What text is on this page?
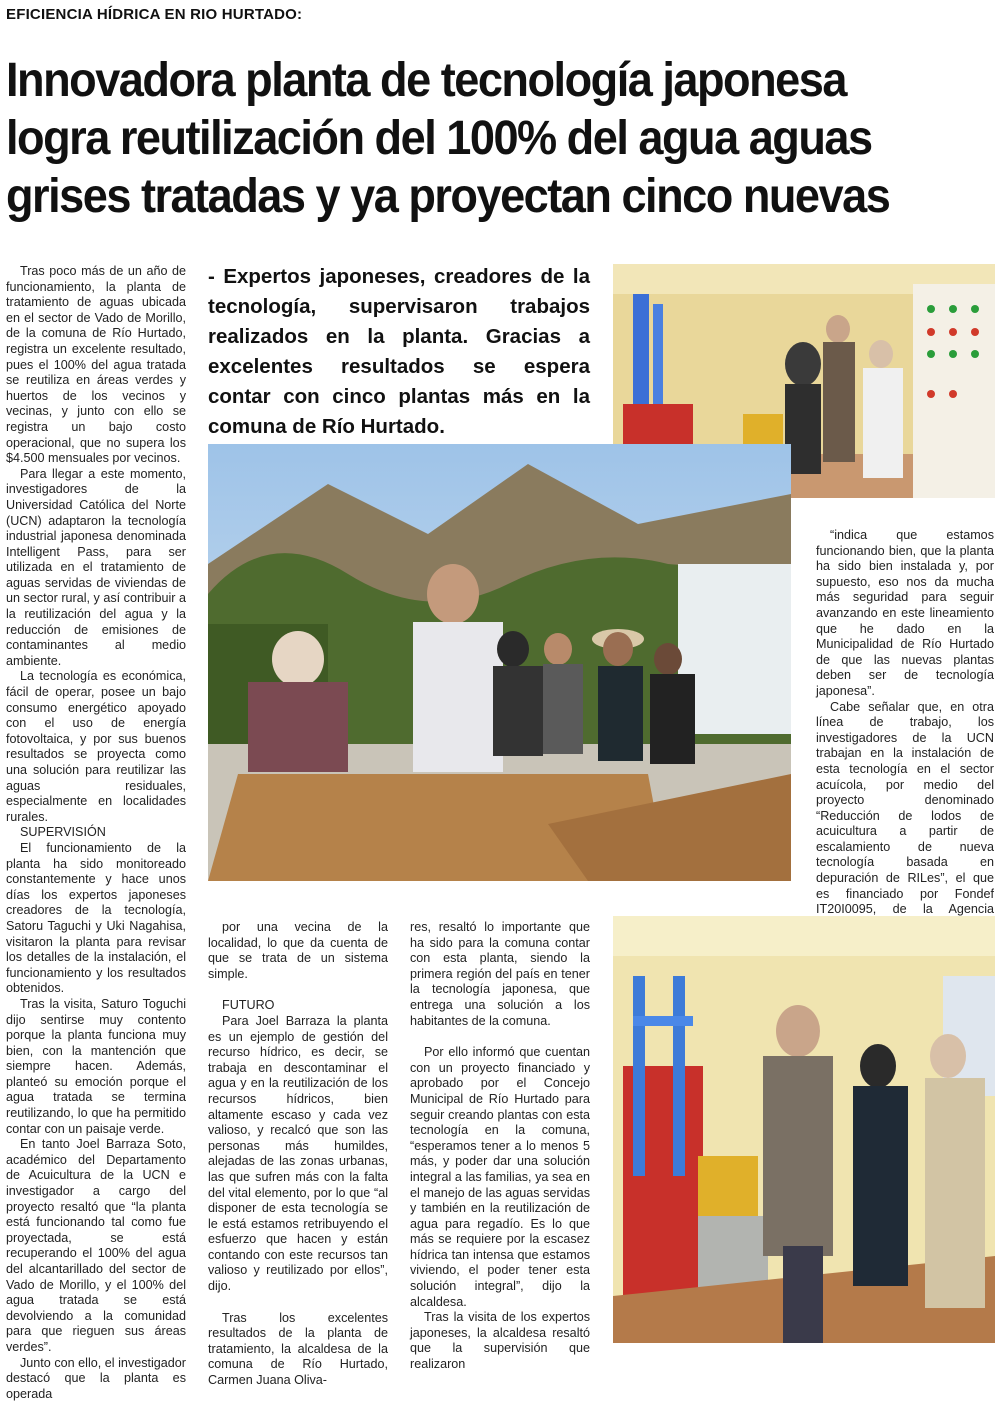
EFICIENCIA HÍDRICA EN RIO HURTADO:
Innovadora planta de tecnología japonesa logra reutilización del 100% del agua aguas grises tratadas y ya proyectan cinco nuevas

Tras poco más de un año de funcionamiento, la planta de tratamiento de aguas ubicada en el sector de Vado de Morillo, de la comuna de Río Hurtado, registra un excelente resultado, pues el 100% del agua tratada se reutiliza en áreas verdes y huertos de los vecinos y vecinas, y junto con ello se registra un bajo costo operacional, que no supera los $4.500 mensuales por vecinos.

Para llegar a este momento, investigadores de la Universidad Católica del Norte (UCN) adaptaron la tecnología industrial japonesa denominada Intelligent Pass, para ser utilizada en el tratamiento de aguas servidas de viviendas de un sector rural, y así contribuir a la reutilización del agua y la reducción de emisiones de contaminantes al medio ambiente.

La tecnología es económica, fácil de operar, posee un bajo consumo energético apoyado con el uso de energía fotovoltaica, y por sus buenos resultados se proyecta como una solución para reutilizar las aguas residuales, especialmente en localidades rurales.

SUPERVISIÓN

El funcionamiento de la planta ha sido monitoreado constantemente y hace unos días los expertos japoneses creadores de la tecnología, Satoru Taguchi y Uki Nagahisa, visitaron la planta para revisar los detalles de la instalación, el funcionamiento y los resultados obtenidos.

Tras la visita, Saturo Toguchi dijo sentirse muy contento porque la planta funciona muy bien, con la mantención que siempre hacen. Además, planteó su emoción porque el agua tratada se termina reutilizando, lo que ha permitido contar con un paisaje verde.

En tanto Joel Barraza Soto, académico del Departamento de Acuicultura de la UCN e investigador a cargo del proyecto resaltó que “la planta está funcionando tal como fue proyectada, se está recuperando el 100% del agua del alcantarillado del sector de Vado de Morillo, y el 100% del agua tratada se está devolviendo a la comunidad para que rieguen sus áreas verdes”.

Junto con ello, el investigador destacó que la planta es operada

- Expertos japoneses, creadores de la tecnología, supervisaron trabajos realizados en la planta. Gracias a excelentes resultados se espera contar con cinco plantas más en la comuna de Río Hurtado.

“indica que estamos funcionando bien, que la planta ha sido bien instalada y, por supuesto, eso nos da mucha más seguridad para seguir avanzando en este lineamiento que he dado en la Municipalidad de Río Hurtado de que las nuevas plantas deben ser de tecnología japonesa”.

Cabe señalar que, en otra línea de trabajo, los investigadores de la UCN trabajan en la instalación de esta tecnología en el sector acuícola, por medio del proyecto denominado “Reducción de lodos de acuicultura a partir de escalamiento de nueva tecnología basada en depuración de RILes”, el que es financiado por Fondef IT20I0095, de la Agencia

por una vecina de la localidad, lo que da cuenta de que se trata de un sistema simple.

FUTURO

Para Joel Barraza la planta es un ejemplo de gestión del recurso hídrico, es decir, se trabaja en descontaminar el agua y en la reutilización de los recursos hídricos, bien altamente escaso y cada vez valioso, y recalcó que son las personas más humildes, alejadas de las zonas urbanas, las que sufren más con la falta del vital elemento, por lo que “al disponer de esta tecnología se le está estamos retribuyendo el esfuerzo que hacen y están contando con este recursos tan valioso y reutilizado por ellos”, dijo.

Tras los excelentes resultados de la planta de tratamiento, la alcaldesa de la comuna de Río Hurtado, Carmen Juana Oliva-

res, resaltó lo importante que ha sido para la comuna contar con esta planta, siendo la primera región del país en tener la tecnología japonesa, que entrega una solución a los habitantes de la comuna.

Por ello informó que cuentan con un proyecto financiado y aprobado por el Concejo Municipal de Río Hurtado para seguir creando plantas con esta tecnología en la comuna, “esperamos tener a lo menos 5 más, y poder dar una solución integral a las familias, ya sea en el manejo de las aguas servidas y también en la reutilización de agua para regadío. Es lo que más se requiere por la escasez hídrica tan intensa que estamos viviendo, el poder tener esta solución integral”, dijo la alcaldesa.

Tras la visita de los expertos japoneses, la alcaldesa resaltó que la supervisión que realizaron
